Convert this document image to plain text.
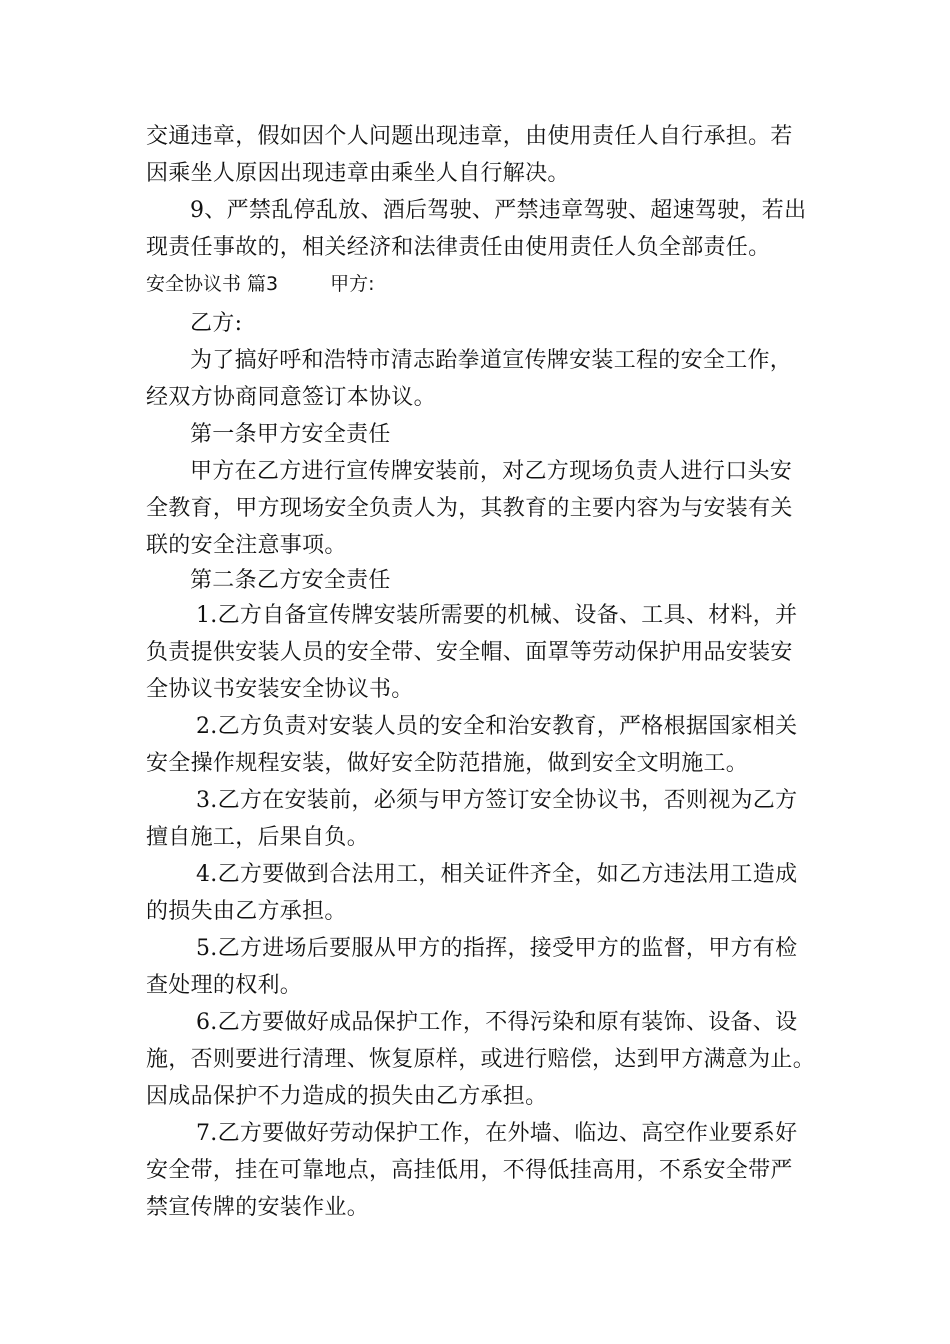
交通违章，假如因个人问题出现违章，由使用责任人自行承担。若
因乘坐人原因出现违章由乘坐人自行解决。

9、严禁乱停乱放、酒后驾驶、严禁违章驾驶、超速驾驶，若出
现责任事故的，相关经济和法律责任由使用责任人负全部责任。

安全协议书 篇3	甲方:

乙方:

为了搞好呼和浩特市清志跆拳道宣传牌安装工程的安全工作，
经双方协商同意签订本协议。

第一条甲方安全责任

甲方在乙方进行宣传牌安装前，对乙方现场负责人进行口头安
全教育，甲方现场安全负责人为，其教育的主要内容为与安装有关
联的安全注意事项。

第二条乙方安全责任

1.乙方自备宣传牌安装所需要的机械、设备、工具、材料，并
负责提供安装人员的安全带、安全帽、面罩等劳动保护用品安装安
全协议书安装安全协议书。

2.乙方负责对安装人员的安全和治安教育，严格根据国家相关
安全操作规程安装，做好安全防范措施，做到安全文明施工。

3.乙方在安装前，必须与甲方签订安全协议书，否则视为乙方
擅自施工，后果自负。

4.乙方要做到合法用工，相关证件齐全，如乙方违法用工造成
的损失由乙方承担。

5.乙方进场后要服从甲方的指挥，接受甲方的监督，甲方有检
查处理的权利。

6.乙方要做好成品保护工作，不得污染和原有装饰、设备、设
施，否则要进行清理、恢复原样，或进行赔偿，达到甲方满意为止。
因成品保护不力造成的损失由乙方承担。

7.乙方要做好劳动保护工作，在外墙、临边、高空作业要系好
安全带，挂在可靠地点，高挂低用，不得低挂高用，不系安全带严
禁宣传牌的安装作业。
